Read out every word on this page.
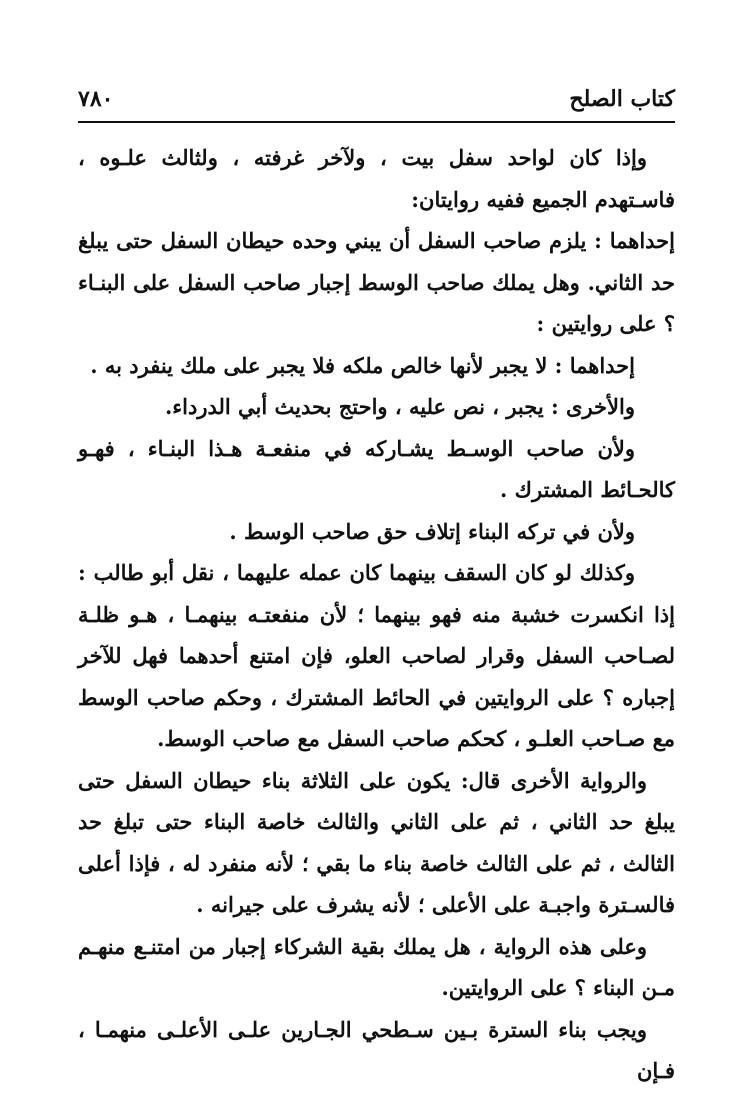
كتاب الصلح
٧٨٠

وإذا كان لواحد سفل بيت ، ولآخر غرفته ، ولثالث علـوه ، فاسـتهدم الجميع ففيه روايتان:

إحداهما : يلزم صاحب السفل أن يبني وحده حيطان السفل حتى يبلغ حد الثاني. وهل يملك صاحب الوسط إجبار صاحب السفل على البنـاء ؟ على روايتين :

إحداهما : لا يجبر لأنها خالص ملكه فلا يجبر على ملك ينفرد به .

والأخرى : يجبر ، نص عليه ، واحتج بحديث أبي الدرداء.

ولأن صاحب الوسـط يشـاركه في منفعـة هـذا البنـاء ، فهـو كالحـائط المشترك .

ولأن في تركه البناء إتلاف حق صاحب الوسط .

وكذلك لو كان السقف بينهما كان عمله عليهما ، نقل أبو طالب : إذا انكسرت خشبة منه فهو بينهما ؛ لأن منفعتـه بينهمـا ، هـو ظلـة لصـاحب السفل وقرار لصاحب العلو، فإن امتنع أحدهما فهل للآخر إجباره ؟ على الروايتين في الحائط المشترك ، وحكم صاحب الوسط مع صـاحب العلـو ، كحكم صاحب السفل مع صاحب الوسط.

والرواية الأخرى قال: يكون على الثلاثة بناء حيطان السفل حتى يبلغ حد الثاني ، ثم على الثاني والثالث خاصة البناء حتى تبلغ حد الثالث ، ثم على الثالث خاصة بناء ما بقي ؛ لأنه منفرد له ، فإذا أعلى فالسـترة واجبـة على الأعلى ؛ لأنه يشرف على جيرانه .

وعلى هذه الرواية ، هل يملك بقية الشركاء إجبار من امتنـع منهـم مـن البناء ؟ على الروايتين.

ويجب بناء السترة بـين سـطحي الجـارين علـى الأعلـى منهمـا ، فـإن
